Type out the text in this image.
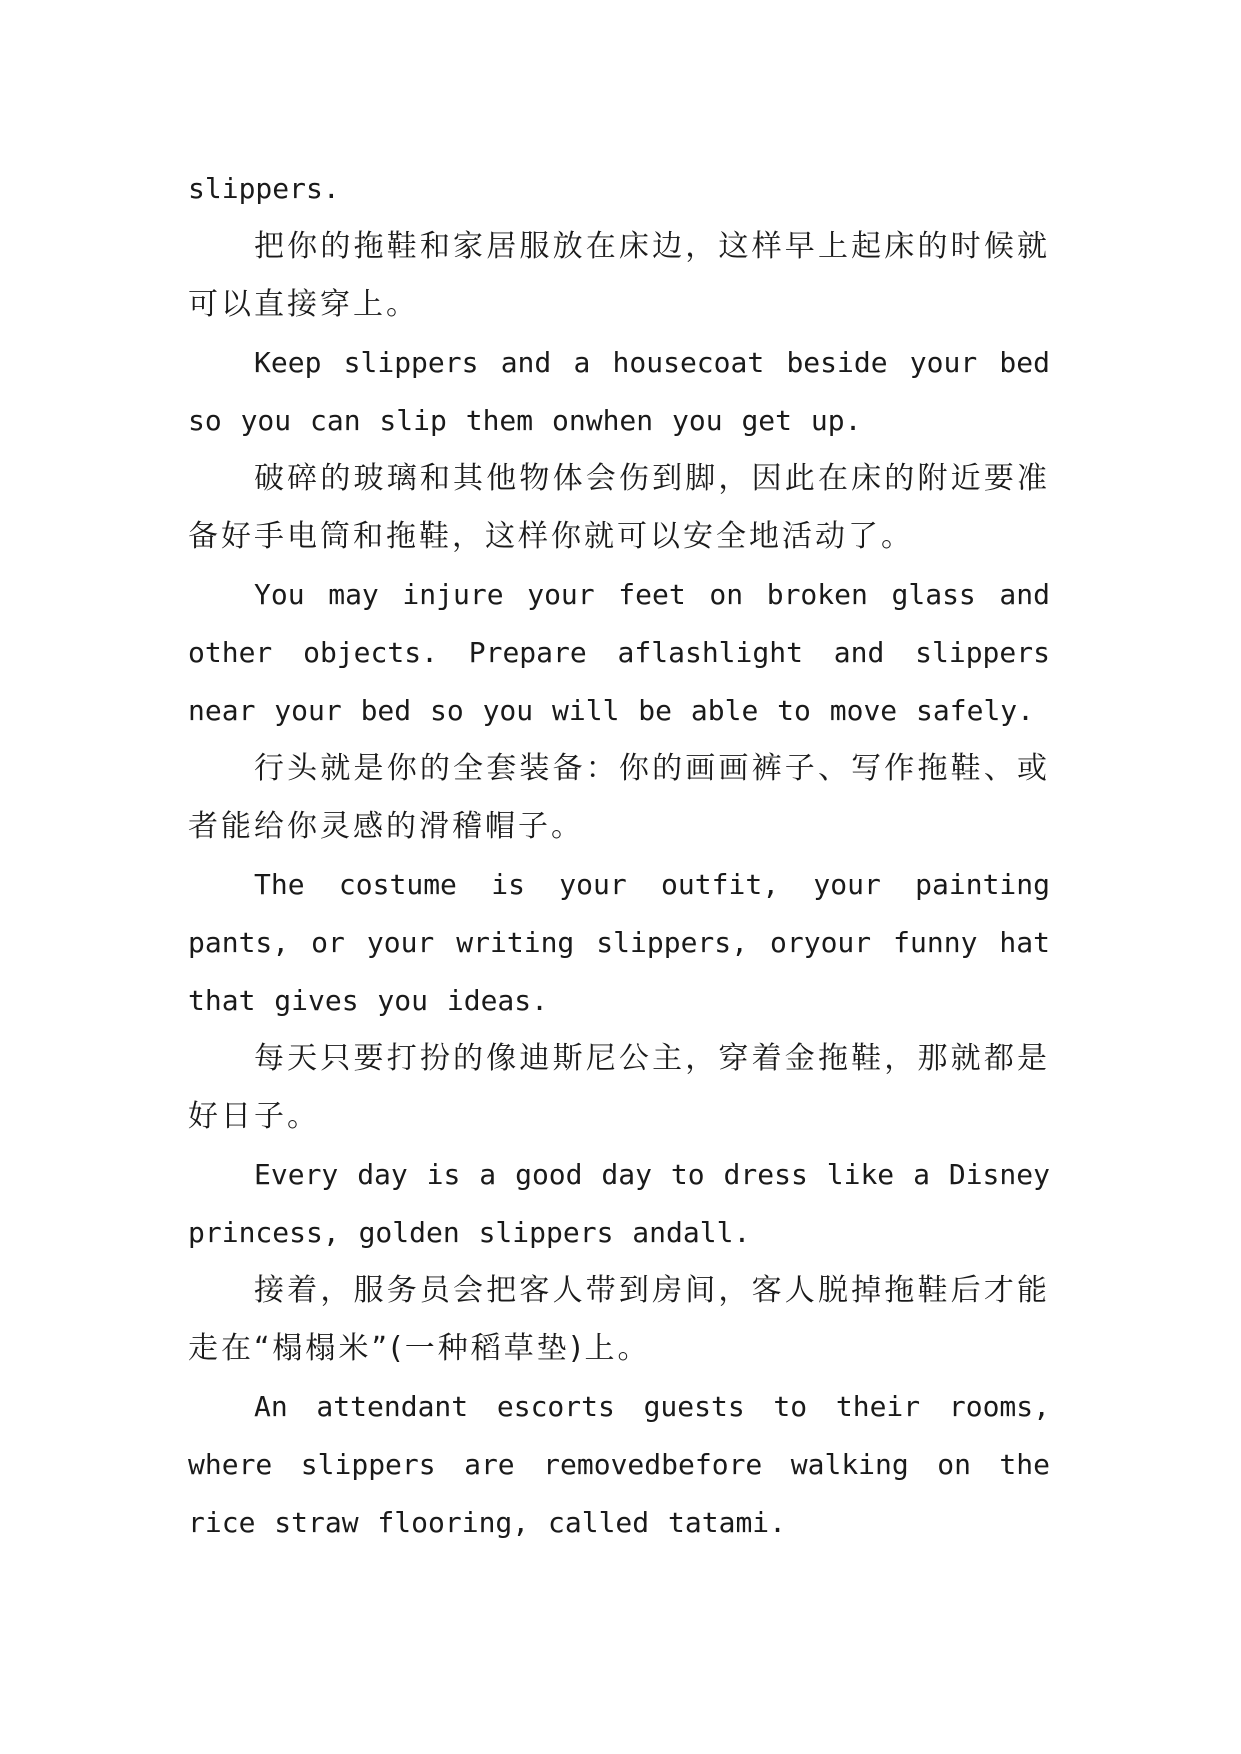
slippers.

把你的拖鞋和家居服放在床边，这样早上起床的时候就可以直接穿上。

Keep slippers and a housecoat beside your bed so you can slip them onwhen you get up.

破碎的玻璃和其他物体会伤到脚，因此在床的附近要准备好手电筒和拖鞋，这样你就可以安全地活动了。

You may injure your feet on broken glass and other objects. Prepare aflashlight and slippers near your bed so you will be able to move safely.

行头就是你的全套装备：你的画画裤子、写作拖鞋、或者能给你灵感的滑稽帽子。

The costume is your outfit, your painting pants, or your writing slippers, oryour funny hat that gives you ideas.

每天只要打扮的像迪斯尼公主，穿着金拖鞋，那就都是好日子。

Every day is a good day to dress like a Disney princess, golden slippers andall.

接着，服务员会把客人带到房间，客人脱掉拖鞋后才能走在“榻榻米”(一种稻草垫)上。

An attendant escorts guests to their rooms, where slippers are removedbefore walking on the rice straw flooring, called tatami.
